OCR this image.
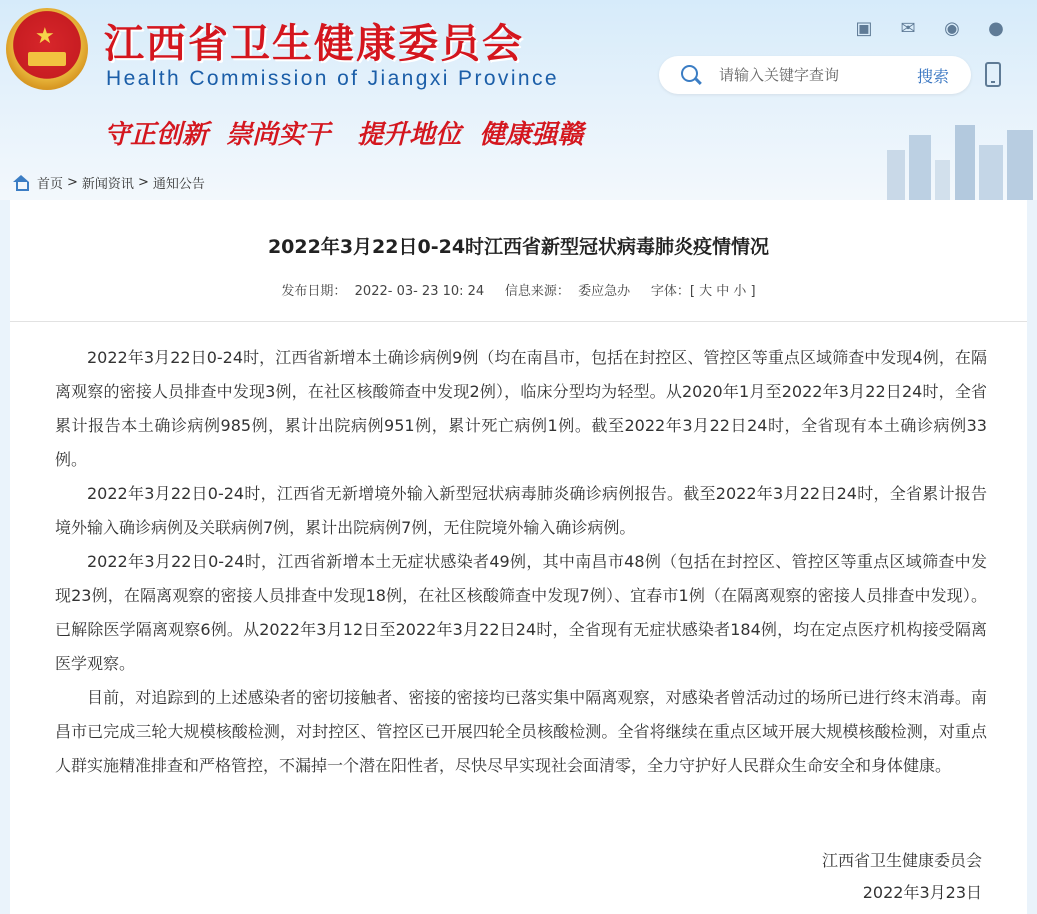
★ 江西省卫生健康委员会
Health Commission of Jiangxi Province
守正创新  崇尚实干   提升地位  健康强赣
▣ ✉ ◉ ●
请输入关键字查询
搜索
首页 > 新闻资讯 > 通知公告
2022年3月22日0-24时江西省新型冠状病毒肺炎疫情情况
发布日期： 2022- 03- 23 10: 24 信息来源： 委应急办 字体：[ 大 中 小 ]

2022年3月22日0-24时，江西省新增本土确诊病例9例（均在南昌市，包括在封控区、管控区等重点区域筛查中发现4例，在隔离观察的密接人员排查中发现3例，在社区核酸筛查中发现2例），临床分型均为轻型。从2020年1月至2022年3月22日24时，全省累计报告本土确诊病例985例，累计出院病例951例，累计死亡病例1例。截至2022年3月22日24时，全省现有本土确诊病例33例。

2022年3月22日0-24时，江西省无新增境外输入新型冠状病毒肺炎确诊病例报告。截至2022年3月22日24时，全省累计报告境外输入确诊病例及关联病例7例，累计出院病例7例，无住院境外输入确诊病例。

2022年3月22日0-24时，江西省新增本土无症状感染者49例，其中南昌市48例（包括在封控区、管控区等重点区域筛查中发现23例，在隔离观察的密接人员排查中发现18例，在社区核酸筛查中发现7例）、宜春市1例（在隔离观察的密接人员排查中发现）。已解除医学隔离观察6例。从2022年3月12日至2022年3月22日24时，全省现有无症状感染者184例，均在定点医疗机构接受隔离医学观察。

目前，对追踪到的上述感染者的密切接触者、密接的密接均已落实集中隔离观察，对感染者曾活动过的场所已进行终末消毒。南昌市已完成三轮大规模核酸检测，对封控区、管控区已开展四轮全员核酸检测。全省将继续在重点区域开展大规模核酸检测，对重点人群实施精准排查和严格管控，不漏掉一个潜在阳性者，尽快尽早实现社会面清零，全力守护好人民群众生命安全和身体健康。

江西省卫生健康委员会
2022年3月23日
